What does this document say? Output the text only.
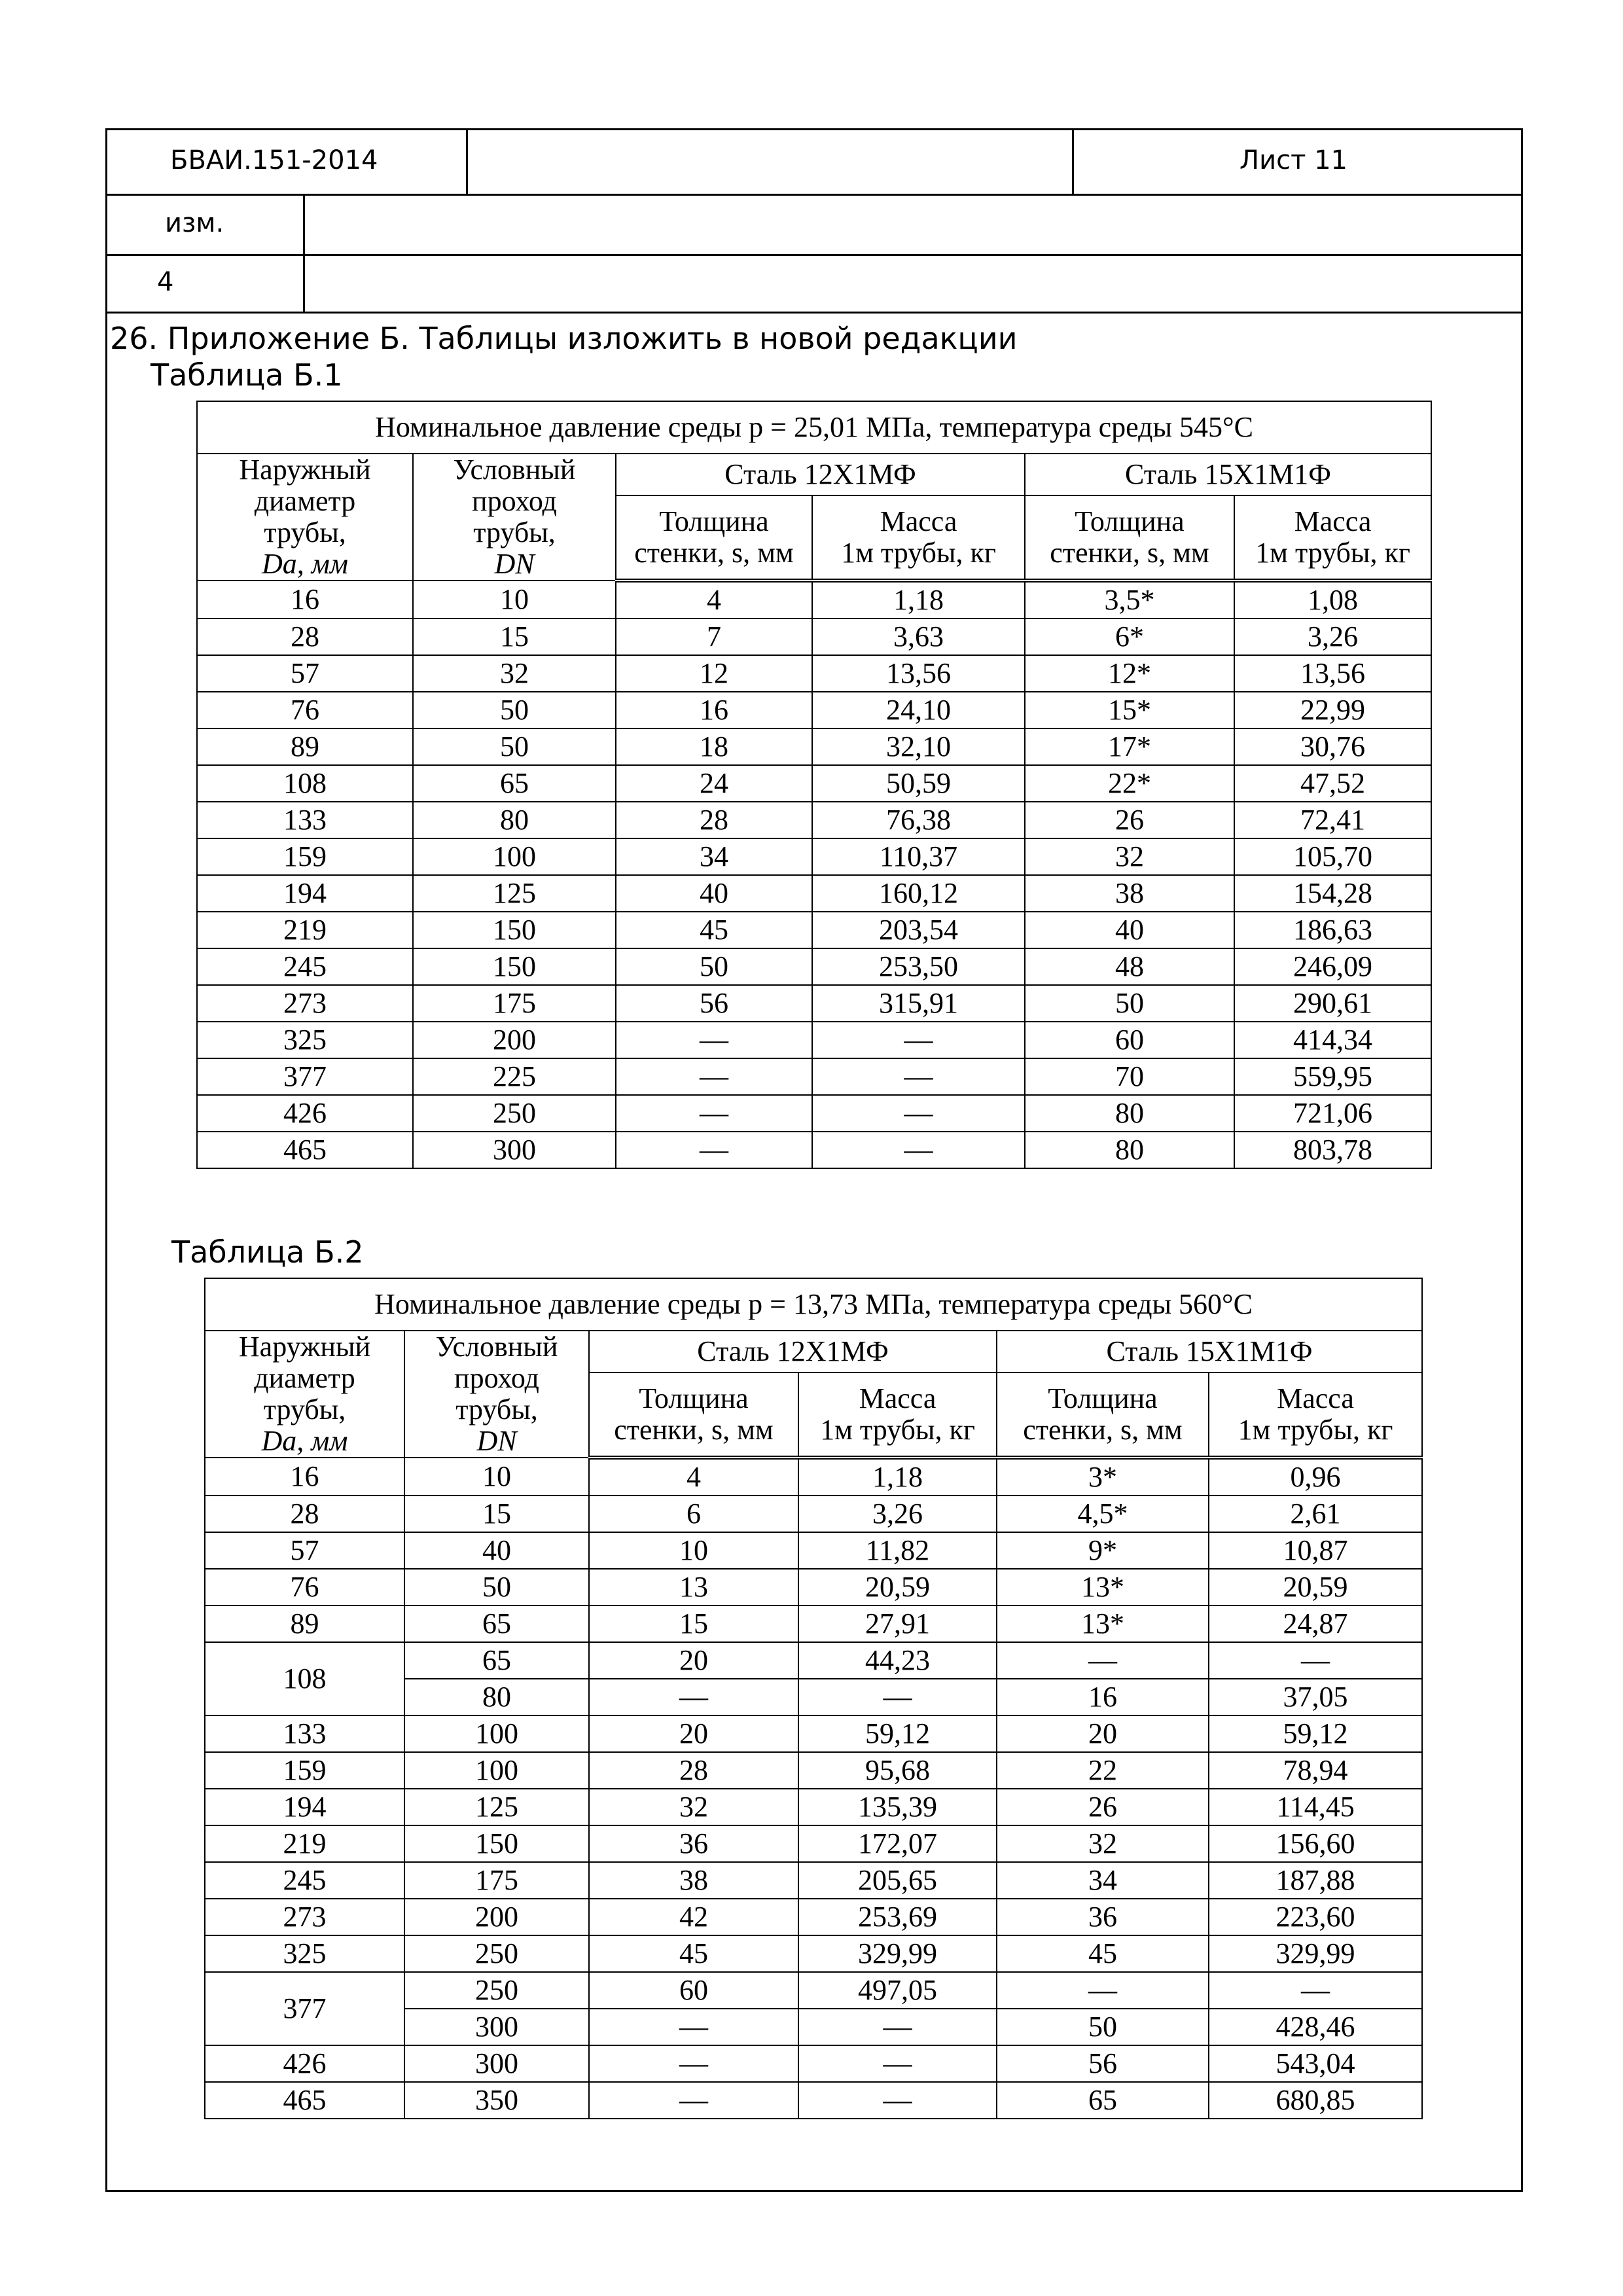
БВАИ.151-2014	Лист 11
изм.
4
26. Приложение Б. Таблицы изложить в новой редакции
Таблица Б.1
Номинальное давление среды p = 25,01 МПа, температура среды 545°С					
Наружный
диаметр
трубы,
Da, мм	Условный
проход
трубы,
DN	Сталь 12Х1МФ		Сталь 15Х1М1Ф	
		Толщина
стенки, s, мм	Масса
1м трубы, кг	Толщина
стенки, s, мм	Масса
1м трубы, кг
16	10	4	1,18	3,5*	1,08
28	15	7	3,63	6*	3,26
57	32	12	13,56	12*	13,56
76	50	16	24,10	15*	22,99
89	50	18	32,10	17*	30,76
108	65	24	50,59	22*	47,52
133	80	28	76,38	26	72,41
159	100	34	110,37	32	105,70
194	125	40	160,12	38	154,28
219	150	45	203,54	40	186,63
245	150	50	253,50	48	246,09
273	175	56	315,91	50	290,61
325	200	—	—	60	414,34
377	225	—	—	70	559,95
426	250	—	—	80	721,06
465	300	—	—	80	803,78
Таблица Б.2
Номинальное давление среды p = 13,73 МПа, температура среды 560°С					
Наружный
диаметр
трубы,
Da, мм	Условный
проход
трубы,
DN	Сталь 12Х1МФ		Сталь 15Х1М1Ф	
		Толщина
стенки, s, мм	Масса
1м трубы, кг	Толщина
стенки, s, мм	Масса
1м трубы, кг
16	10	4	1,18	3*	0,96
28	15	6	3,26	4,5*	2,61
57	40	10	11,82	9*	10,87
76	50	13	20,59	13*	20,59
89	65	15	27,91	13*	24,87
108	65	20	44,23	—	—
	80	—	—	16	37,05
133	100	20	59,12	20	59,12
159	100	28	95,68	22	78,94
194	125	32	135,39	26	114,45
219	150	36	172,07	32	156,60
245	175	38	205,65	34	187,88
273	200	42	253,69	36	223,60
325	250	45	329,99	45	329,99
377	250	60	497,05	—	—
	300	—	—	50	428,46
426	300	—	—	56	543,04
465	350	—	—	65	680,85
